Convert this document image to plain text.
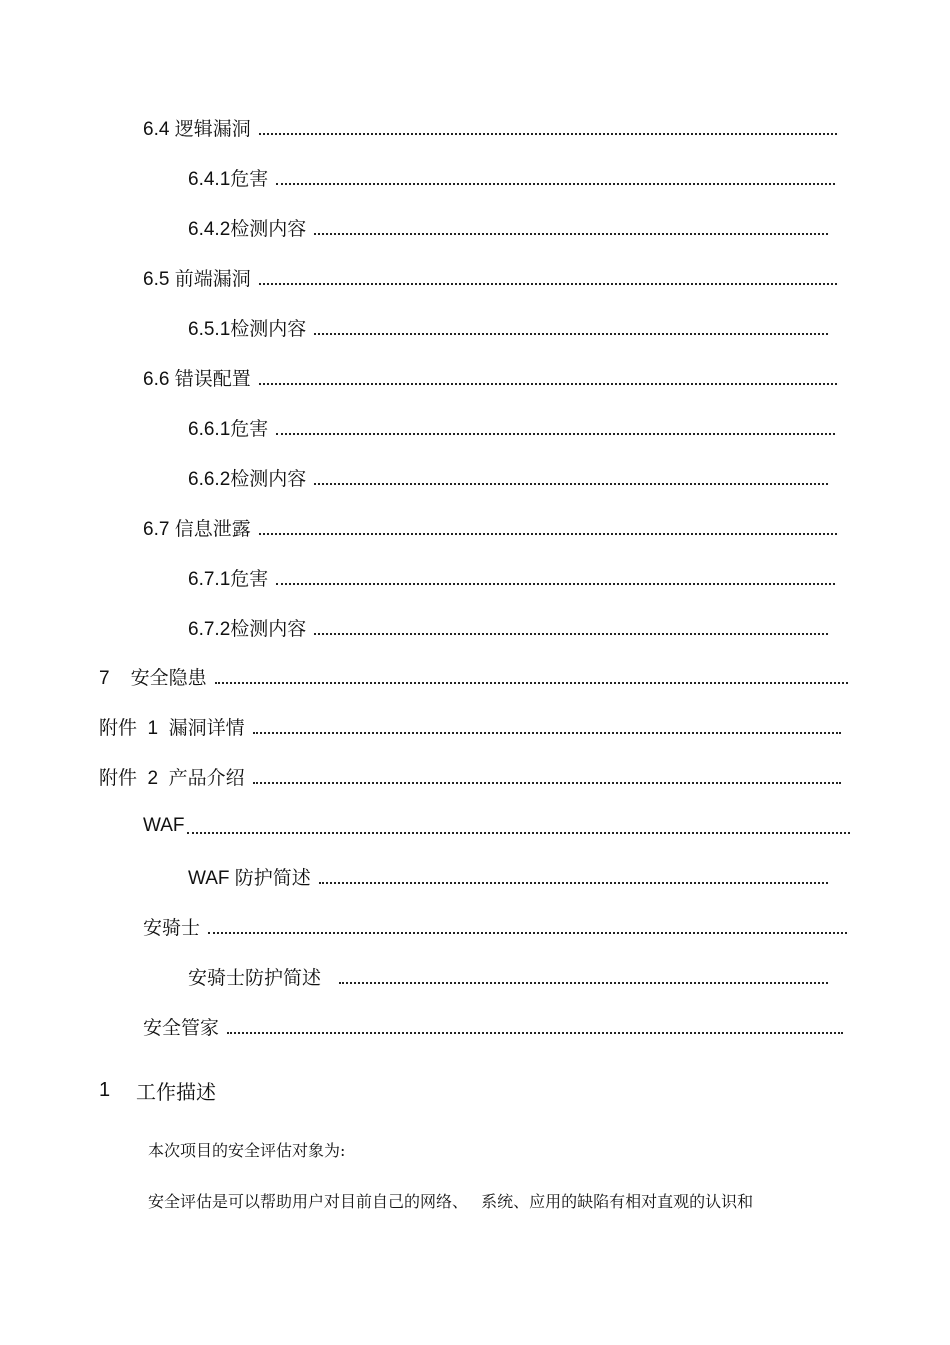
6.4 逻辑漏洞
6.4.1危害
6.4.2检测内容
6.5 前端漏洞
6.5.1检测内容
6.6 错误配置
6.6.1危害
6.6.2检测内容
6.7 信息泄露
6.7.1危害
6.7.2检测内容
7    安全隐患
附件  1  漏洞详情
附件  2  产品介绍
WAF
WAF 防护简述
安骑士
安骑士防护简述
安全管家
1	工作描述
本次项目的安全评估对象为:
安全评估是可以帮助用户对目前自己的网络、　 系统、应用的缺陷有相对直观的认识和
